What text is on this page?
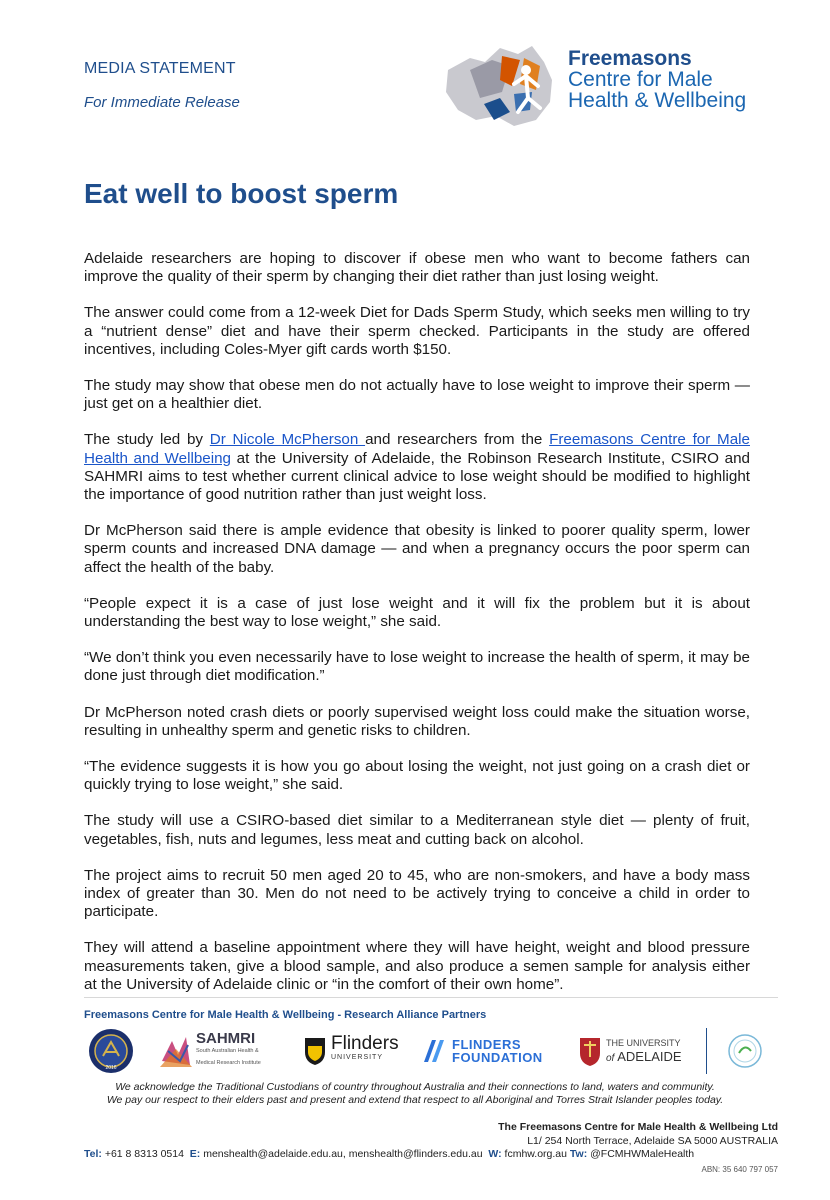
MEDIA STATEMENT
For Immediate Release
Freemasons
Centre for Male
Health & Wellbeing
Eat well to boost sperm

Adelaide researchers are hoping to discover if obese men who want to become fathers can improve the quality of their sperm by changing their diet rather than just losing weight.

The answer could come from a 12-week Diet for Dads Sperm Study, which seeks men willing to try a “nutrient dense” diet and have their sperm checked. Participants in the study are offered incentives, including Coles-Myer gift cards worth $150.

The study may show that obese men do not actually have to lose weight to improve their sperm — just get on a healthier diet.

The study led by Dr Nicole McPherson and researchers from the Freemasons Centre for Male Health and Wellbeing at the University of Adelaide, the Robinson Research Institute, CSIRO and SAHMRI aims to test whether current clinical advice to lose weight should be modified to highlight the importance of good nutrition rather than just weight loss.

Dr McPherson said there is ample evidence that obesity is linked to poorer quality sperm, lower sperm counts and increased DNA damage — and when a pregnancy occurs the poor sperm can affect the health of the baby.

“People expect it is a case of just lose weight and it will fix the problem but it is about understanding the best way to lose weight,” she said.

“We don’t think you even necessarily have to lose weight to increase the health of sperm, it may be done just through diet modification.”

Dr McPherson noted crash diets or poorly supervised weight loss could make the situation worse, resulting in unhealthy sperm and genetic risks to children.

“The evidence suggests it is how you go about losing the weight, not just going on a crash diet or quickly trying to lose weight,” she said.

The study will use a CSIRO-based diet similar to a Mediterranean style diet — plenty of fruit, vegetables, fish, nuts and legumes, less meat and cutting back on alcohol.

The project aims to recruit 50 men aged 20 to 45, who are non-smokers, and have a body mass index of greater than 30. Men do not need to be actively trying to conceive a child in order to participate.

They will attend a baseline appointment where they will have height, weight and blood pressure measurements taken, give a blood sample, and also produce a semen sample for analysis either at the University of Adelaide clinic or “in the comfort of their own home”.

Freemasons Centre for Male Health & Wellbeing - Research Alliance Partners
2016
SAHMRI
South Australian Health & Medical Research Institute
Flinders
UNIVERSITY
FLINDERS
FOUNDATION
THE UNIVERSITY
of ADELAIDE
We acknowledge the Traditional Custodians of country throughout Australia and their connections to land, waters and community.
We pay our respect to their elders past and present and extend that respect to all Aboriginal and Torres Strait Islander peoples today.
The Freemasons Centre for Male Health & Wellbeing Ltd
L1/ 254 North Terrace, Adelaide SA 5000 AUSTRALIA
Tel: +61 8 8313 0514 E: menshealth@adelaide.edu.au, menshealth@flinders.edu.au W: fcmhw.org.au Tw: @FCMHWMaleHealth
ABN: 35 640 797 057
